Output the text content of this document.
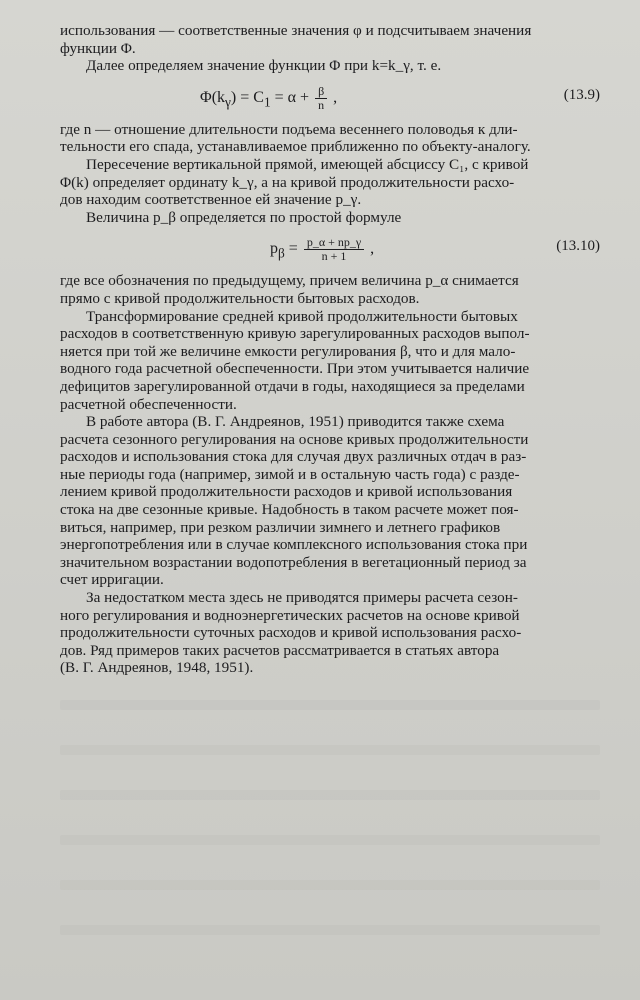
использования — соответственные значения φ и подсчитываем значения
функции Φ.

Далее определяем значение функции Φ при k=k_γ, т. е.

$\Phi(k_\gamma) = C_1 = \alpha + \frac{\beta}{n}$ ,	(13.9)

где n — отношение длительности подъема весеннего половодья к дли-
тельности его спада, устанавливаемое приближенно по объекту-аналогу.

Пересечение вертикальной прямой, имеющей абсциссу C₁, с кривой
Φ(k) определяет ординату k_γ, а на кривой продолжительности расхо-
дов находим соответственное ей значение p_γ.

Величина p_β определяется по простой формуле

$p_\beta = \frac{p\_\alpha + np\_\gamma}{n + 1}$ ,	(13.10)

где все обозначения по предыдущему, причем величина p_α снимается
прямо с кривой продолжительности бытовых расходов.

Трансформирование средней кривой продолжительности бытовых
расходов в соответственную кривую зарегулированных расходов выпол-
няется при той же величине емкости регулирования β, что и для мало-
водного года расчетной обеспеченности. При этом учитывается наличие
дефицитов зарегулированной отдачи в годы, находящиеся за пределами
расчетной обеспеченности.

В работе автора (В. Г. Андреянов, 1951) приводится также схема
расчета сезонного регулирования на основе кривых продолжительности
расходов и использования стока для случая двух различных отдач в раз-
ные периоды года (например, зимой и в остальную часть года) с разде-
лением кривой продолжительности расходов и кривой использования
стока на две сезонные кривые. Надобность в таком расчете может поя-
виться, например, при резком различии зимнего и летнего графиков
энергопотребления или в случае комплексного использования стока при
значительном возрастании водопотребления в вегетационный период за
счет ирригации.

За недостатком места здесь не приводятся примеры расчета сезон-
ного регулирования и водноэнергетических расчетов на основе кривой
продолжительности суточных расходов и кривой использования расхо-
дов. Ряд примеров таких расчетов рассматривается в статьях автора
(В. Г. Андреянов, 1948, 1951).
